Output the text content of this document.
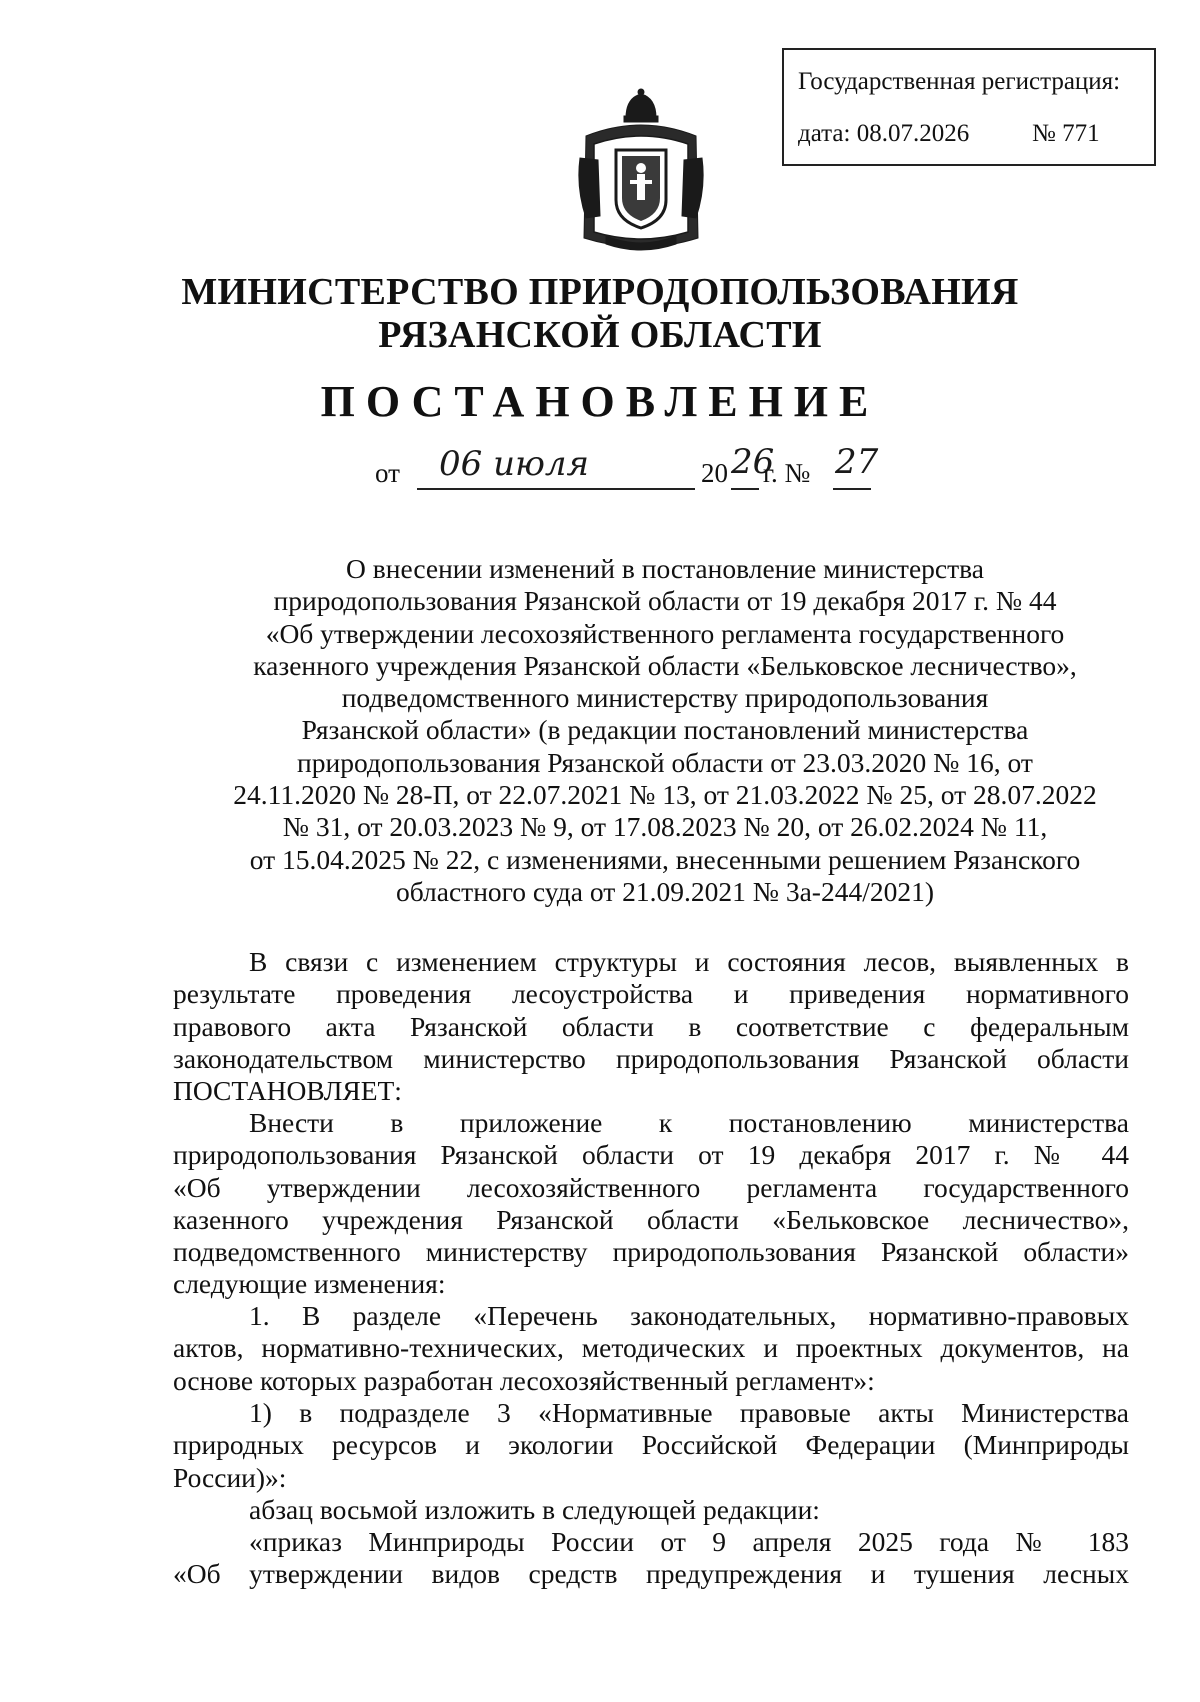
Государственная регистрация:
дата: 08.07.2026	№ 771
МИНИСТЕРСТВО ПРИРОДОПОЛЬЗОВАНИЯ
РЯЗАНСКОЙ ОБЛАСТИ
ПОСТАНОВЛЕНИЕ
от 06 июля	20 26
г. № 27
О внесении изменений в постановление министерства
природопользования Рязанской области от 19 декабря 2017 г. № 44
«Об утверждении лесохозяйственного регламента государственного
казенного учреждения Рязанской области «Бельковское лесничество»,
подведомственного министерству природопользования
Рязанской области» (в редакции постановлений министерства
природопользования Рязанской области от 23.03.2020 № 16, от
24.11.2020 № 28-П, от 22.07.2021 № 13, от 21.03.2022 № 25, от 28.07.2022
№ 31, от 20.03.2023 № 9, от 17.08.2023 № 20, от 26.02.2024 № 11,
от 15.04.2025 № 22, с изменениями, внесенными решением Рязанского
областного суда от 21.09.2021 № 3а-244/2021)
В связи с изменением структуры и состояния лесов, выявленных в
результате проведения лесоустройства и приведения нормативного
правового акта Рязанской области в соответствие с федеральным
законодательством министерство природопользования Рязанской области
ПОСТАНОВЛЯЕТ:
Внести в приложение к постановлению министерства
природопользования Рязанской области от 19 декабря 2017 г. № 44
«Об утверждении лесохозяйственного регламента государственного
казенного учреждения Рязанской области «Бельковское лесничество»,
подведомственного министерству природопользования Рязанской области»
следующие изменения:
1. В разделе «Перечень законодательных, нормативно-правовых
актов, нормативно-технических, методических и проектных документов, на
основе которых разработан лесохозяйственный регламент»:
1) в подразделе 3 «Нормативные правовые акты Министерства
природных ресурсов и экологии Российской Федерации (Минприроды
России)»:
абзац восьмой изложить в следующей редакции:
«приказ Минприроды России от 9 апреля 2025 года № 183
«Об утверждении видов средств предупреждения и тушения лесных
